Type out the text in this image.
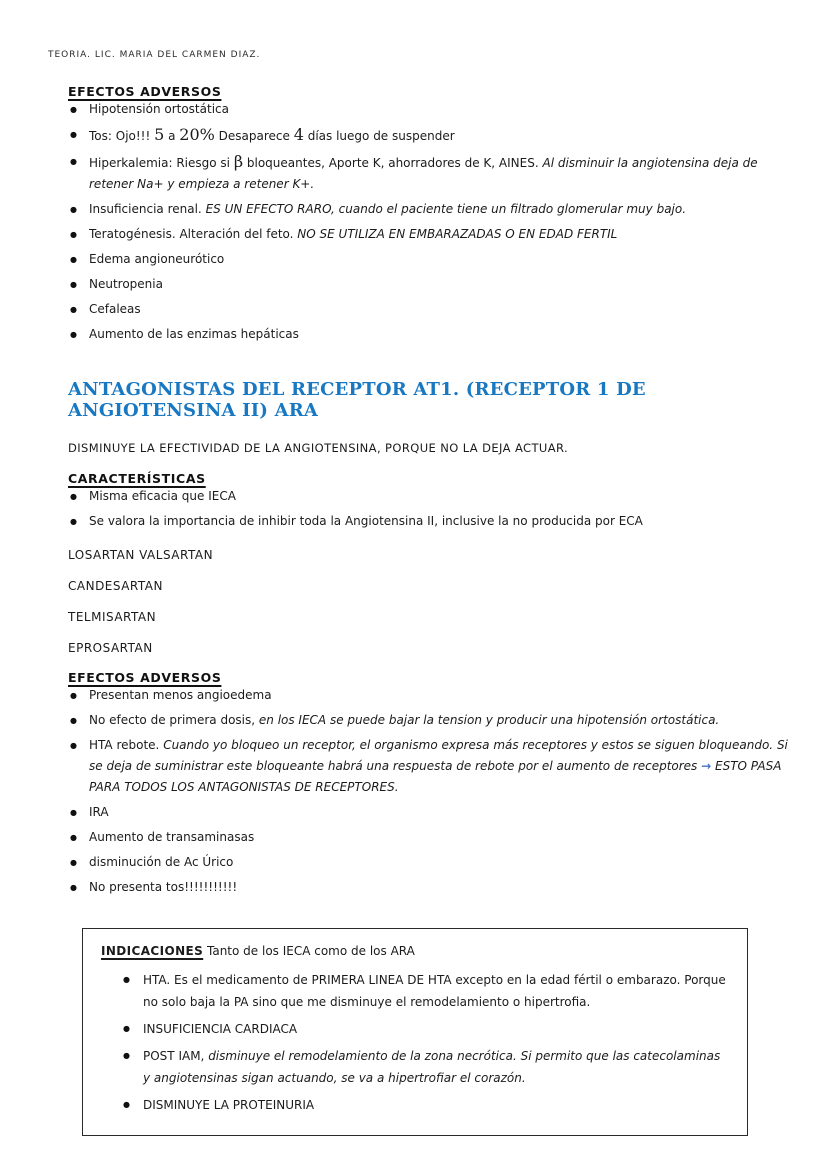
TEORIA. LIC. MARIA DEL CARMEN DIAZ.
EFECTOS ADVERSOS
● Hipotensión ortostática
● Tos: Ojo!!! 5 a 20% Desaparece 4 días luego de suspender
● Hiperkalemia: Riesgo si β bloqueantes, Aporte K, ahorradores de K, AINES. Al disminuir la angiotensina deja de retener Na+ y empieza a retener K+.
● Insuficiencia renal. ES UN EFECTO RARO, cuando el paciente tiene un filtrado glomerular muy bajo.
● Teratogénesis. Alteración del feto. NO SE UTILIZA EN EMBARAZADAS O EN EDAD FERTIL
● Edema angioneurótico
● Neutropenia
● Cefaleas
● Aumento de las enzimas hepáticas
ANTAGONISTAS DEL RECEPTOR AT1. (RECEPTOR 1 DE ANGIOTENSINA II) ARA
DISMINUYE LA EFECTIVIDAD DE LA ANGIOTENSINA, PORQUE NO LA DEJA ACTUAR.
CARACTERÍSTICAS
● Misma eficacia que IECA
● Se valora la importancia de inhibir toda la Angiotensina II, inclusive la no producida por ECA
LOSARTAN VALSARTAN
CANDESARTAN
TELMISARTAN
EPROSARTAN
EFECTOS ADVERSOS
● Presentan menos angioedema
● No efecto de primera dosis, en los IECA se puede bajar la tension y producir una hipotensión ortostática.
● HTA rebote. Cuando yo bloqueo un receptor, el organismo expresa más receptores y estos se siguen bloqueando. Si se deja de suministrar este bloqueante habrá una respuesta de rebote por el aumento de receptores → ESTO PASA PARA TODOS LOS ANTAGONISTAS DE RECEPTORES.
● IRA
● Aumento de transaminasas
● disminución de Ac Úrico
● No presenta tos!!!!!!!!!!!
INDICACIONES Tanto de los IECA como de los ARA
● HTA. Es el medicamento de PRIMERA LINEA DE HTA excepto en la edad fértil o embarazo. Porque no solo baja la PA sino que me disminuye el remodelamiento o hipertrofia.
● INSUFICIENCIA CARDIACA
● POST IAM, disminuye el remodelamiento de la zona necrótica. Si permito que las catecolaminas y angiotensinas sigan actuando, se va a hipertrofiar el corazón.
● DISMINUYE LA PROTEINURIA
